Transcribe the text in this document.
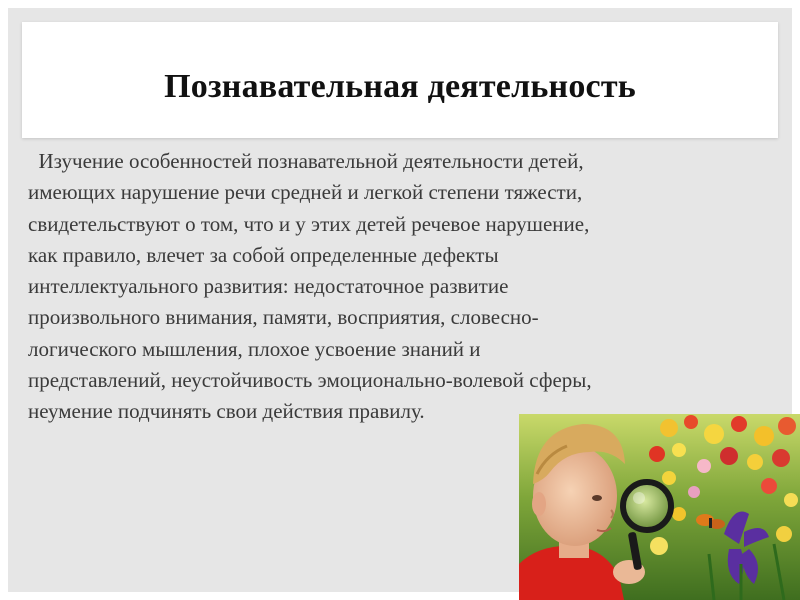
Познавательная деятельность

Изучение особенностей познавательной деятельности детей,
имеющих нарушение речи средней и легкой степени тяжести,
свидетельствуют о том, что и у этих детей речевое нарушение,
как правило, влечет за собой определенные дефекты
интеллектуального развития: недостаточное развитие
произвольного внимания, памяти, восприятия, словесно-
логического мышления, плохое усвоение знаний и
представлений, неустойчивость эмоционально-волевой сферы,
неумение подчинять свои действия правилу.
